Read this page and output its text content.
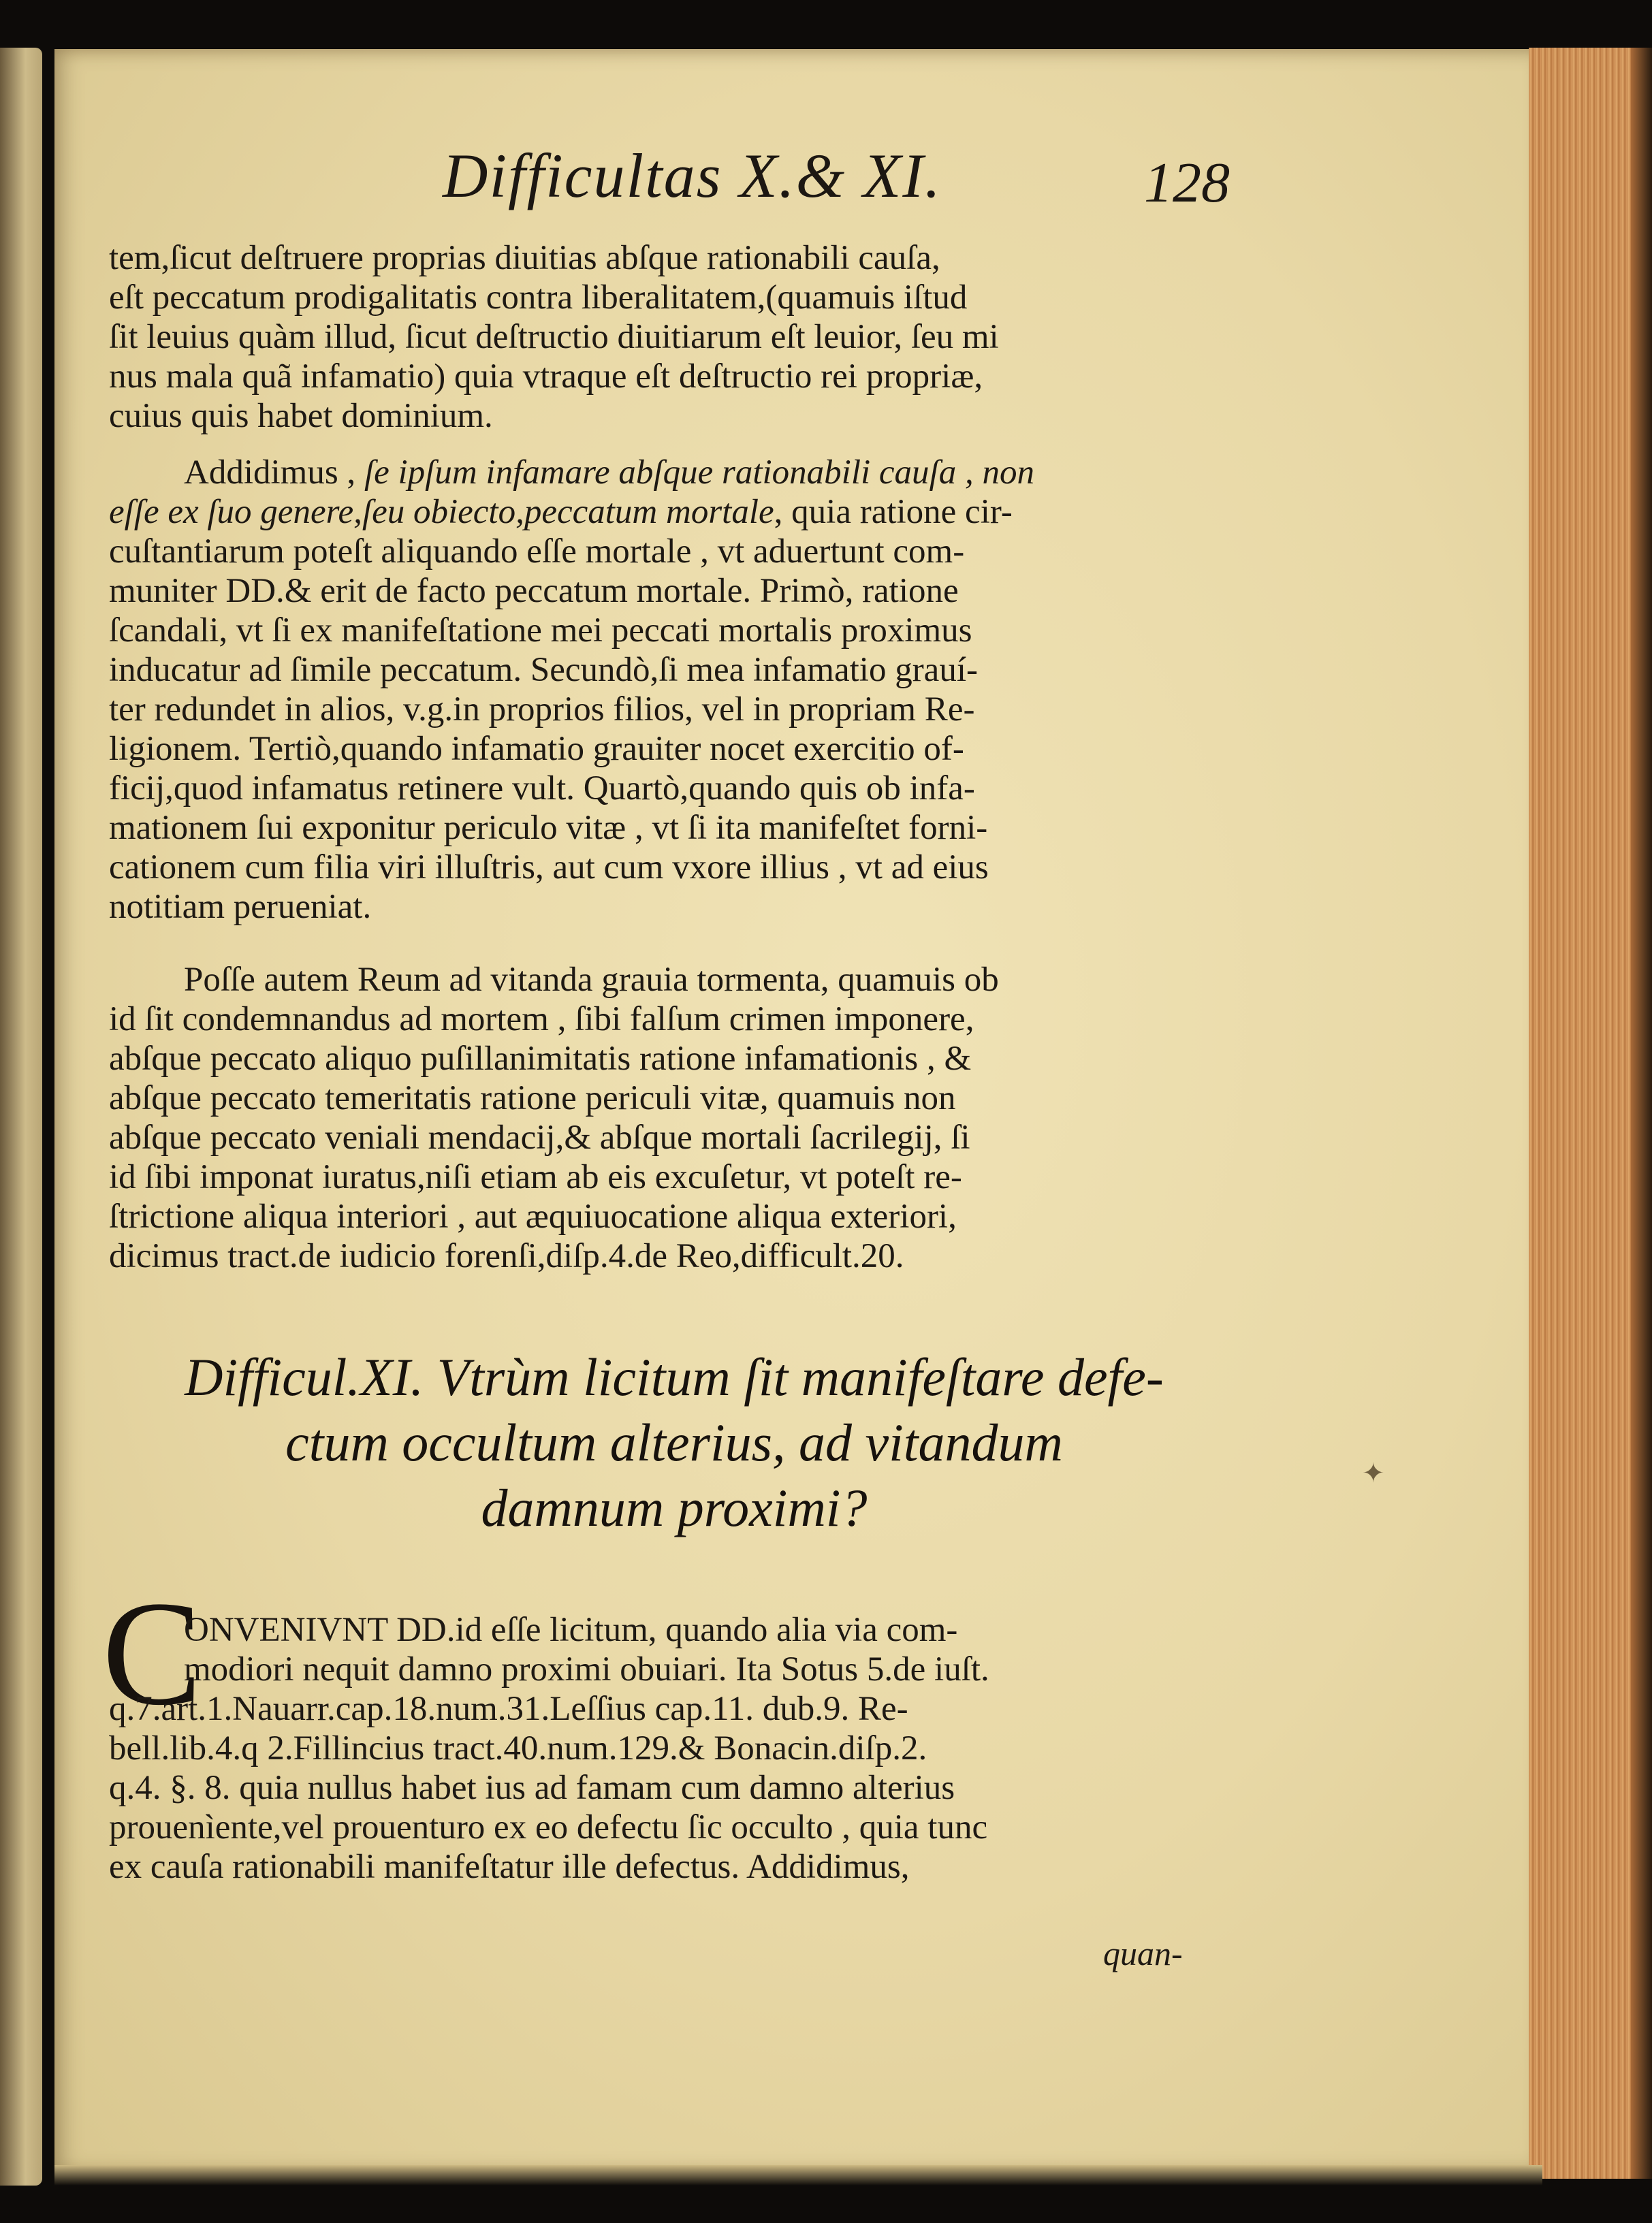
Difficultas X.& XI.	128
tem,ſicut deſtruere proprias diuitias abſque rationabili cauſa,
eſt peccatum prodigalitatis contra liberalitatem,(quamuis iſtud
ſit leuius quàm illud, ſicut deſtructio diuitiarum eſt leuior, ſeu mi
nus mala quã infamatio) quia vtraque eſt deſtructio rei propriæ,
cuius quis habet dominium.
Addidimus , ſe ipſum infamare abſque rationabili cauſa , non
eſſe ex ſuo genere,ſeu obiecto,peccatum mortale, quia ratione cir-
cuſtantiarum poteſt aliquando eſſe mortale , vt aduertunt com-
muniter DD.& erit de facto peccatum mortale. Primò, ratione
ſcandali, vt ſi ex manifeſtatione mei peccati mortalis proximus
inducatur ad ſimile peccatum. Secundò,ſi mea infamatio grauí-
ter redundet in alios, v.g.in proprios filios, vel in propriam Re-
ligionem. Tertiò,quando infamatio grauiter nocet exercitio of-
ficij,quod infamatus retinere vult. Quartò,quando quis ob infa-
mationem ſui exponitur periculo vitæ , vt ſi ita manifeſtet forni-
cationem cum filia viri illuſtris, aut cum vxore illius , vt ad eius
notitiam perueniat.
Poſſe autem Reum ad vitanda grauia tormenta, quamuis ob
id ſit condemnandus ad mortem , ſibi falſum crimen imponere,
abſque peccato aliquo puſillanimitatis ratione infamationis , &
abſque peccato temeritatis ratione periculi vitæ, quamuis non
abſque peccato veniali mendacij,& abſque mortali ſacrilegij, ſi
id ſibi imponat iuratus,niſi etiam ab eis excuſetur, vt poteſt re-
ſtrictione aliqua interiori , aut æquiuocatione aliqua exteriori,
dicimus tract.de iudicio forenſi,diſp.4.de Reo,difficult.20.
Difficul.XI. Vtrùm licitum ſit manifeſtare defe-
ctum occultum alterius, ad vitandum
damnum proximi?
✦
C
ONVENIVNT DD.id eſſe licitum, quando alia via com-
modiori nequit damno proximi obuiari. Ita Sotus 5.de iuſt.
q.7.art.1.Nauarr.cap.18.num.31.Leſſius cap.11. dub.9. Re-
bell.lib.4.q 2.Fillincius tract.40.num.129.& Bonacin.diſp.2.
q.4. §. 8. quia nullus habet ius ad famam cum damno alterius
prouenìente,vel prouenturo ex eo defectu ſic occulto , quia tunc
ex cauſa rationabili manifeſtatur ille defectus. Addidimus,
quan-
